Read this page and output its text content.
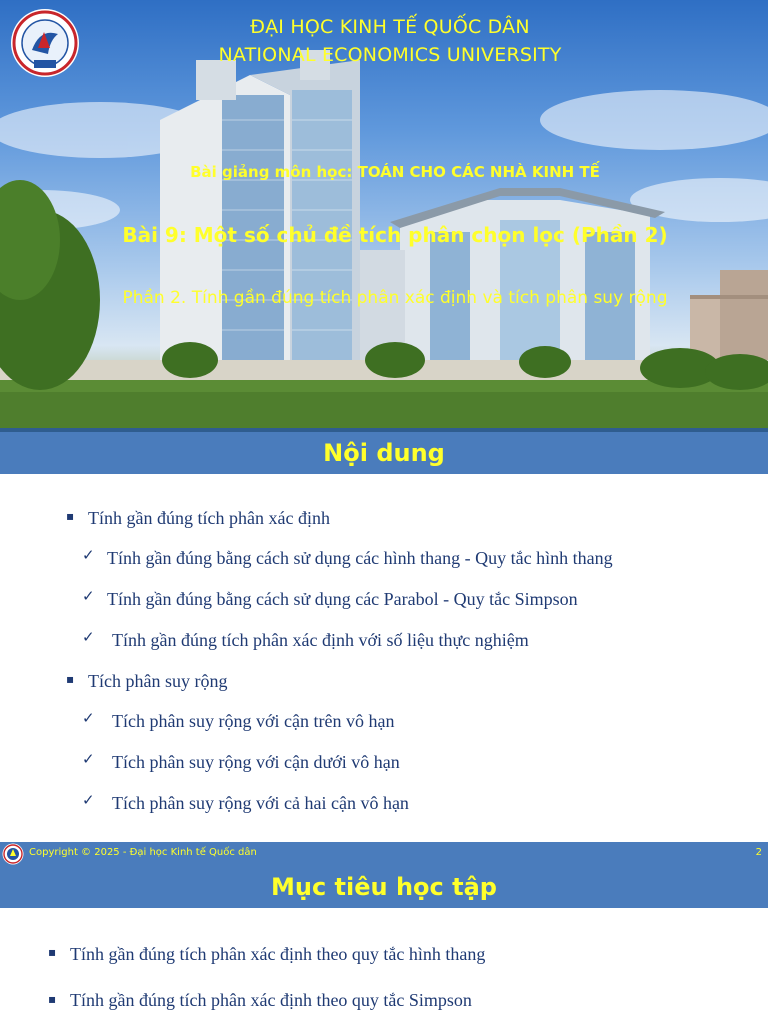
ĐẠI HỌC KINH TẾ QUỐC DÂN
NATIONAL ECONOMICS UNIVERSITY
Bài giảng môn học: TOÁN CHO CÁC NHÀ KINH TẾ
Bài 9: Một số chủ đề tích phân chọn lọc (Phần 2)
Phần 2. Tính gần đúng tích phân xác định và tích phân suy rộng
Nội dung
▪ Tính gần đúng tích phân xác định
✓ Tính gần đúng bằng cách sử dụng các hình thang - Quy tắc hình thang
✓ Tính gần đúng bằng cách sử dụng các Parabol - Quy tắc Simpson
✓ Tính gần đúng tích phân xác định với số liệu thực nghiệm
▪ Tích phân suy rộng
✓ Tích phân suy rộng với cận trên vô hạn
✓ Tích phân suy rộng với cận dưới vô hạn
✓ Tích phân suy rộng với cả hai cận vô hạn
Copyright © 2025 - Đại học Kinh tế Quốc dân	2
Mục tiêu học tập
▪ Tính gần đúng tích phân xác định theo quy tắc hình thang
▪ Tính gần đúng tích phân xác định theo quy tắc Simpson
